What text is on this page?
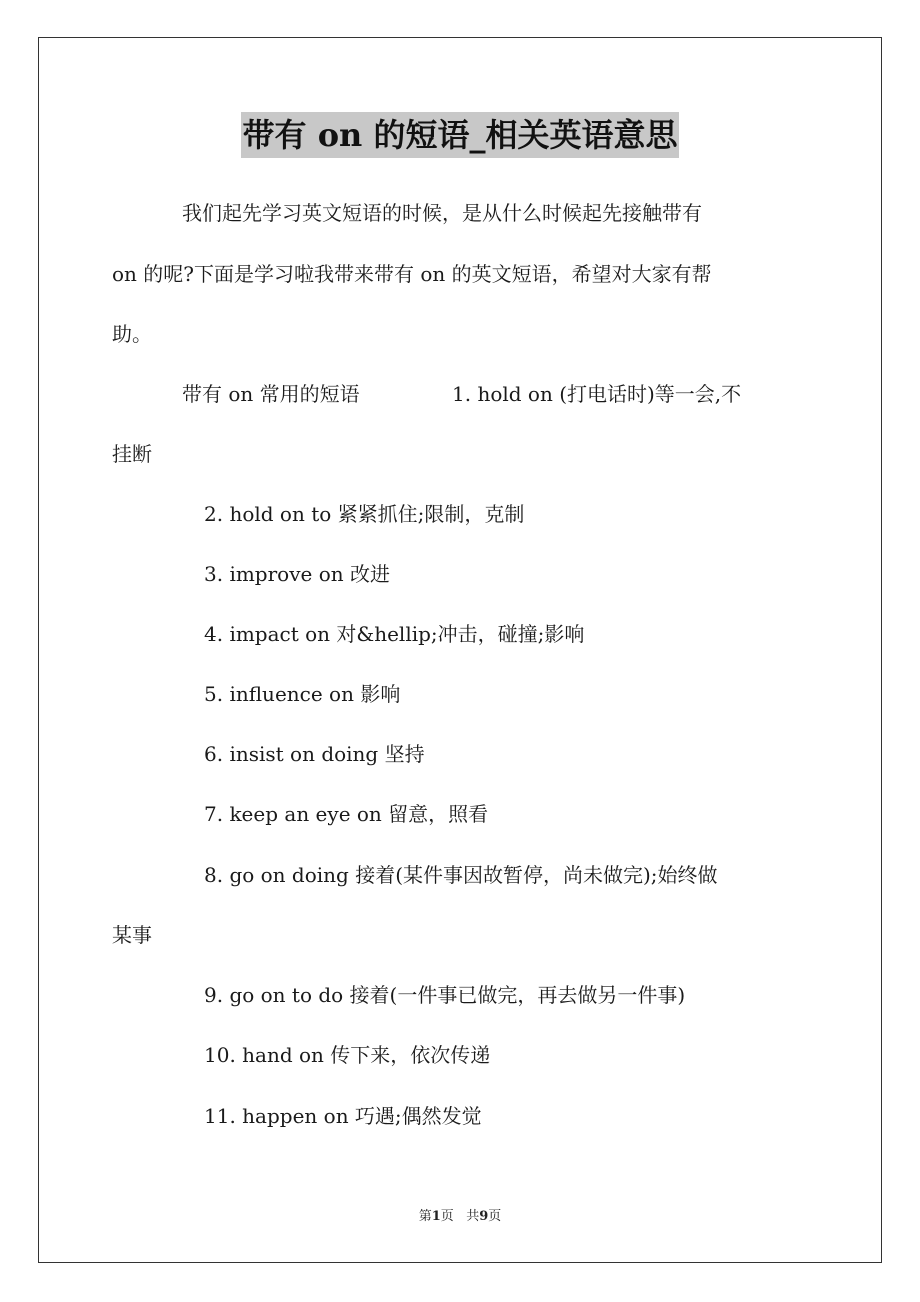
带有 on 的短语_相关英语意思
我们起先学习英文短语的时候，是从什么时候起先接触带有
on 的呢?下面是学习啦我带来带有 on 的英文短语，希望对大家有帮
助。
带有 on 常用的短语	1. hold on (打电话时)等一会,不
挂断
2. hold on to 紧紧抓住;限制，克制
3. improve on 改进
4. impact on 对&hellip;冲击，碰撞;影响
5. influence on 影响
6. insist on doing 坚持
7. keep an eye on 留意，照看
8. go on doing 接着(某件事因故暂停，尚未做完);始终做
某事
9. go on to do 接着(一件事已做完，再去做另一件事)
10. hand on 传下来，依次传递
11. happen on 巧遇;偶然发觉
第1页   共9页
